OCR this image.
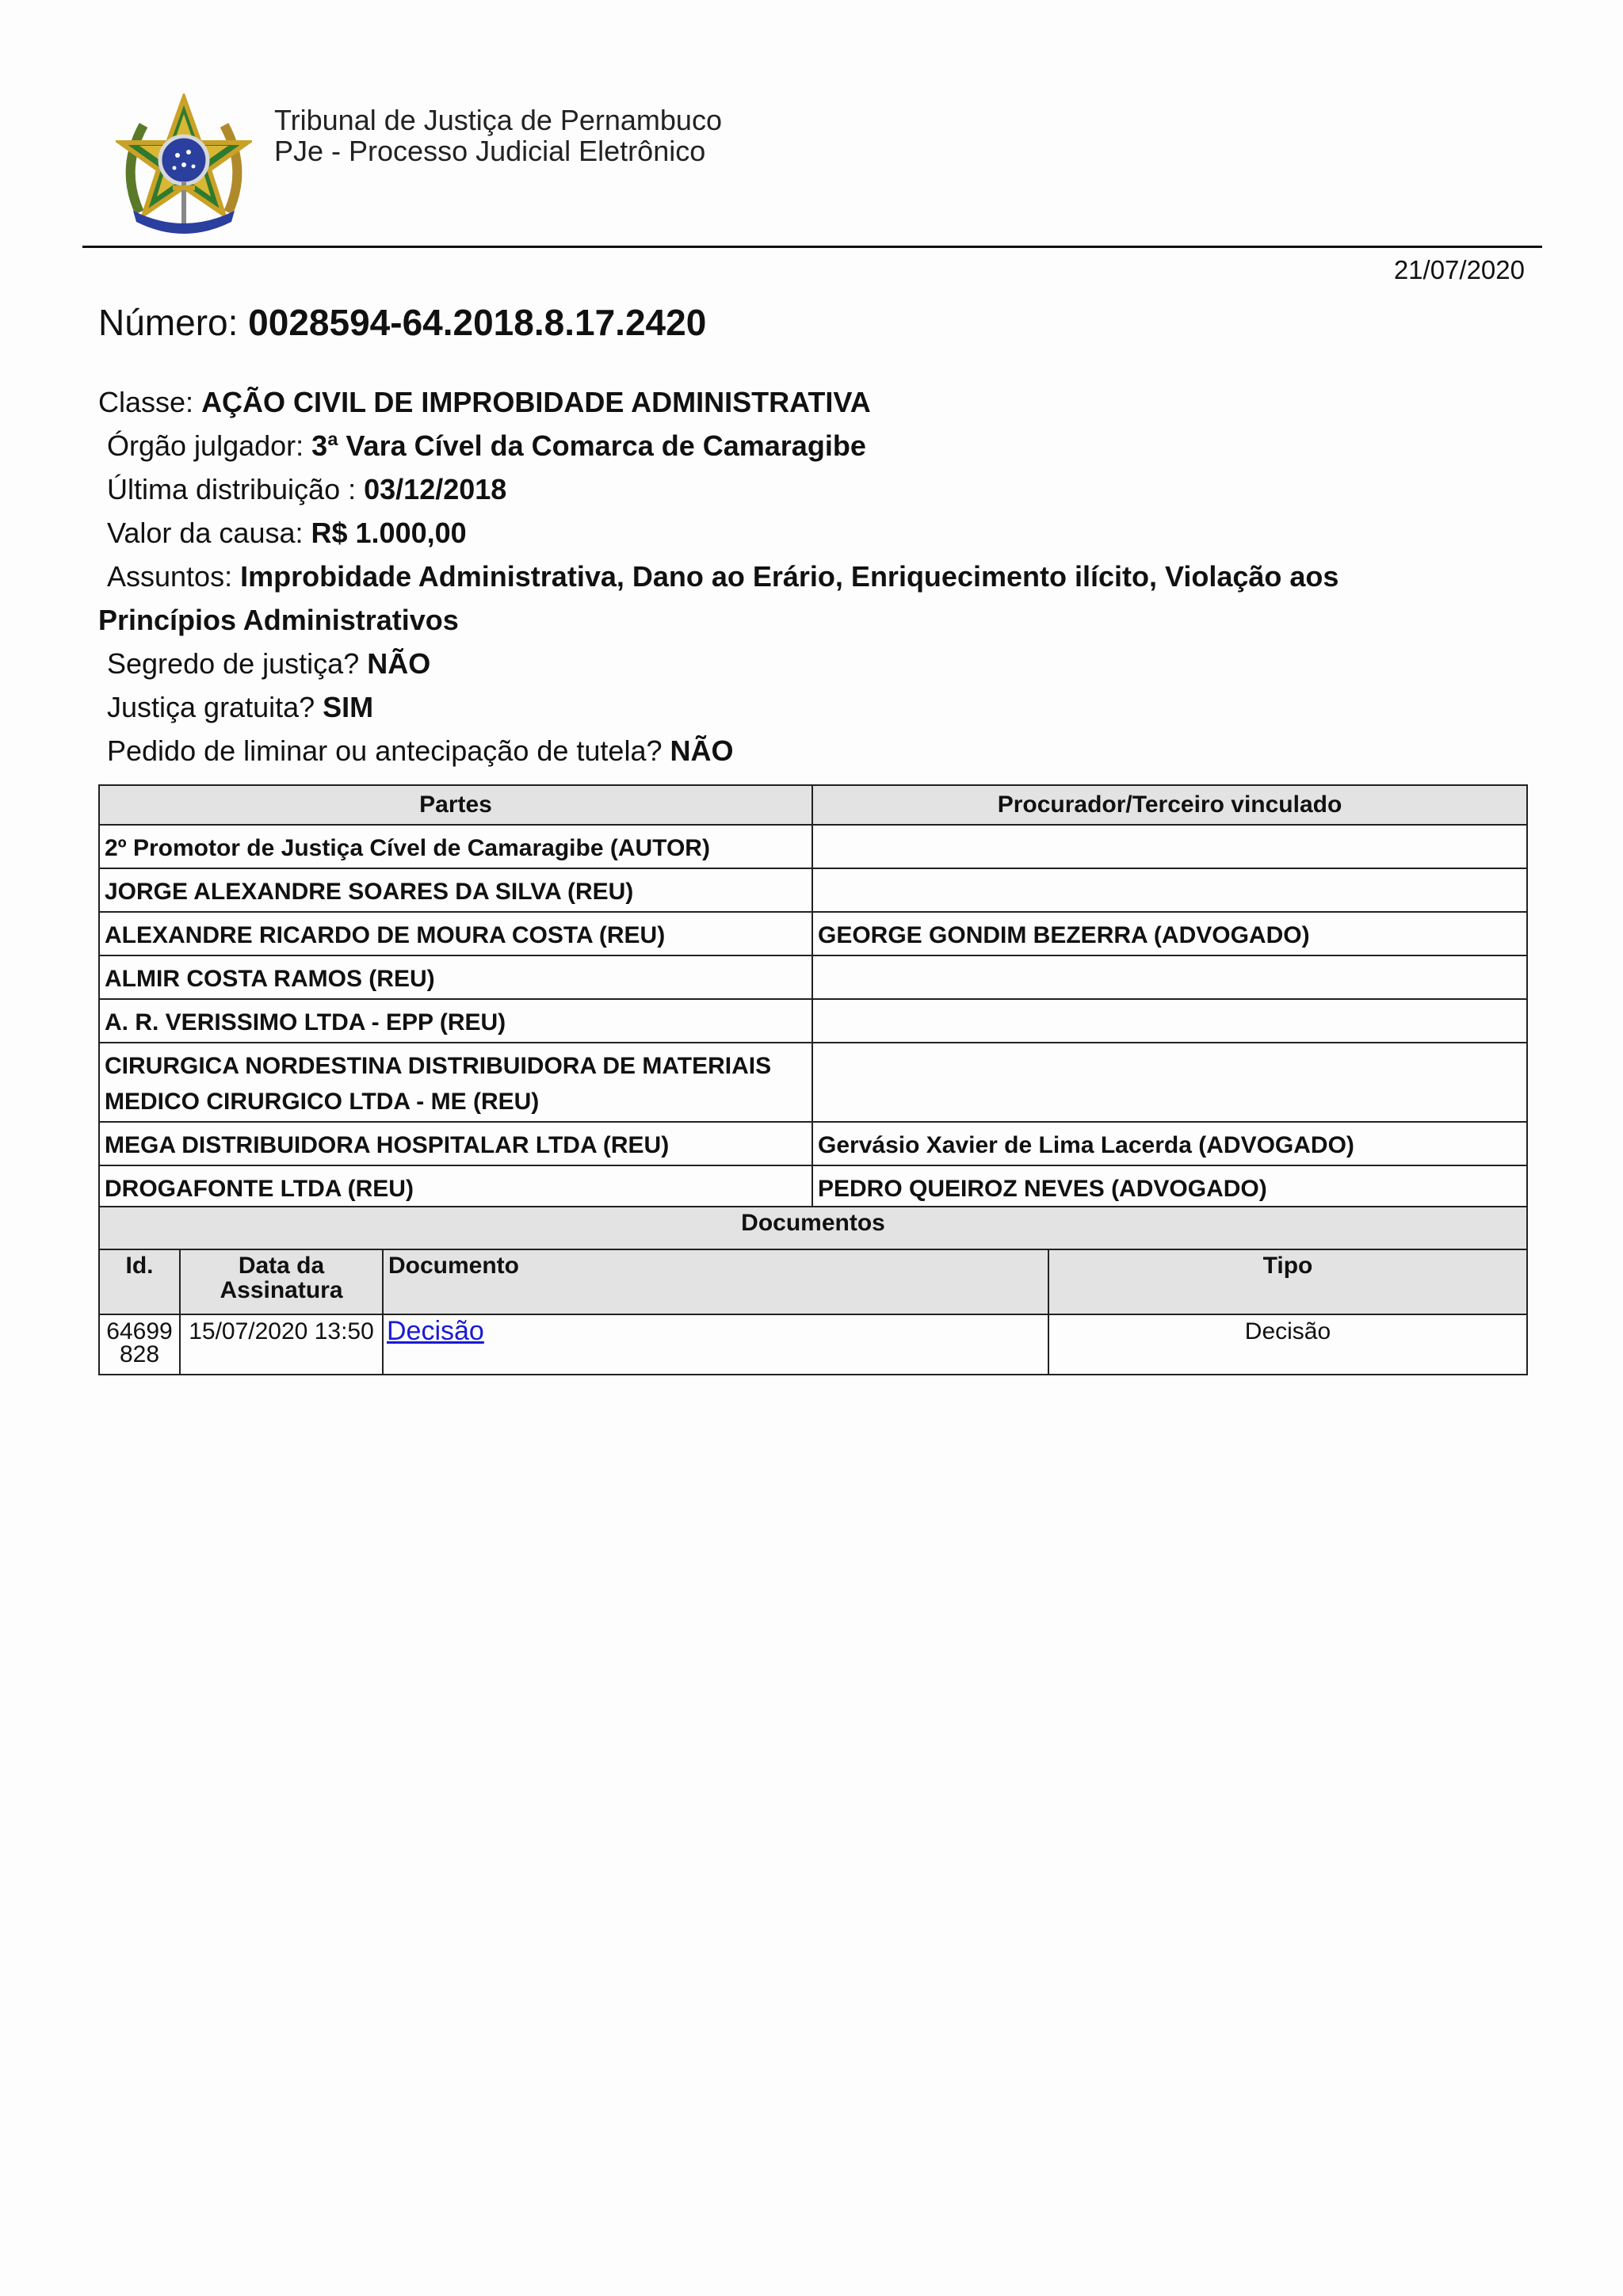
Tribunal de Justiça de Pernambuco
PJe - Processo Judicial Eletrônico
21/07/2020
Número: 0028594-64.2018.8.17.2420
Classe: AÇÃO CIVIL DE IMPROBIDADE ADMINISTRATIVA
Órgão julgador: 3ª Vara Cível da Comarca de Camaragibe
Última distribuição : 03/12/2018
Valor da causa: R$ 1.000,00
Assuntos: Improbidade Administrativa, Dano ao Erário, Enriquecimento ilícito, Violação aos
Princípios Administrativos
Segredo de justiça? NÃO
Justiça gratuita? SIM
Pedido de liminar ou antecipação de tutela? NÃO
Partes	Procurador/Terceiro vinculado
2º Promotor de Justiça Cível de Camaragibe (AUTOR)	
JORGE ALEXANDRE SOARES DA SILVA (REU)	
ALEXANDRE RICARDO DE MOURA COSTA (REU)	GEORGE GONDIM BEZERRA (ADVOGADO)
ALMIR COSTA RAMOS (REU)	
A. R. VERISSIMO LTDA - EPP (REU)	
CIRURGICA NORDESTINA DISTRIBUIDORA DE MATERIAIS MEDICO CIRURGICO LTDA - ME (REU)	
MEGA DISTRIBUIDORA HOSPITALAR LTDA (REU)	Gervásio Xavier de Lima Lacerda (ADVOGADO)
DROGAFONTE LTDA (REU)	PEDRO QUEIROZ NEVES (ADVOGADO)
Documentos			
Id.	Data da Assinatura	Documento	Tipo
64699828	15/07/2020 13:50	Decisão	Decisão
